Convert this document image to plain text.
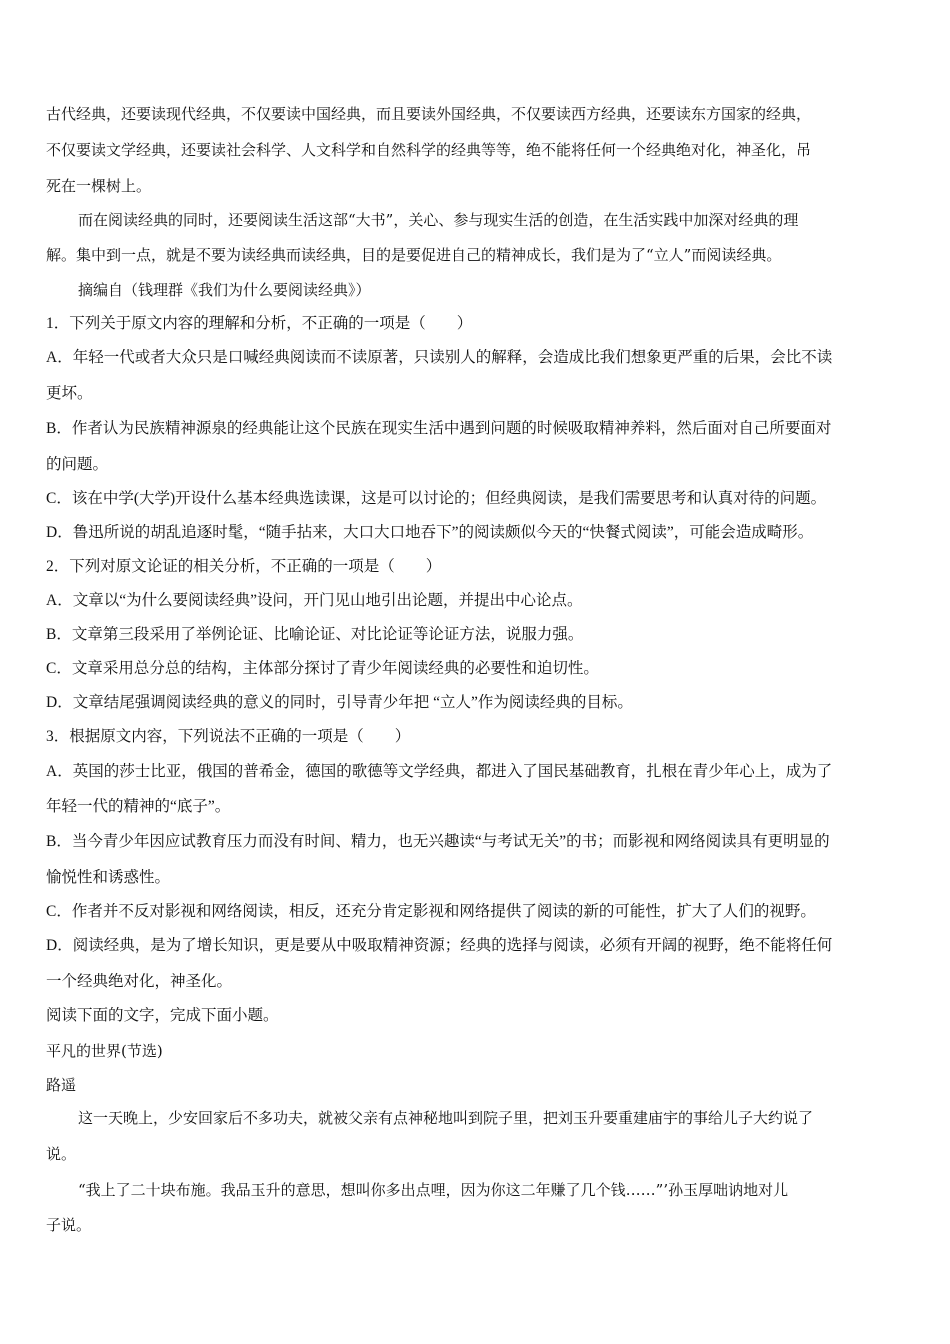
古代经典，还要读现代经典，不仅要读中国经典，而且要读外国经典，不仅要读西方经典，还要读东方国家的经典，
不仅要读文学经典，还要读社会科学、人文科学和自然科学的经典等等，绝不能将任何一个经典绝对化，神圣化，吊
死在一棵树上。
而在阅读经典的同时，还要阅读生活这部“大书”，关心、参与现实生活的创造，在生活实践中加深对经典的理
解。集中到一点，就是不要为读经典而读经典，目的是要促进自己的精神成长，我们是为了“立人”而阅读经典。
摘编自（钱理群《我们为什么要阅读经典》）
1．下列关于原文内容的理解和分析，不正确的一项是（　　）
A．年轻一代或者大众只是口喊经典阅读而不读原著，只读别人的解释，会造成比我们想象更严重的后果，会比不读
更坏。
B．作者认为民族精神源泉的经典能让这个民族在现实生活中遇到问题的时候吸取精神养料，然后面对自己所要面对
的问题。
C．该在中学(大学)开设什么基本经典选读课，这是可以讨论的；但经典阅读，是我们需要思考和认真对待的问题。
D．鲁迅所说的胡乱追逐时髦，“随手拈来，大口大口地吞下”的阅读颇似今天的“快餐式阅读”，可能会造成畸形。
2．下列对原文论证的相关分析，不正确的一项是（　　）
A．文章以“为什么要阅读经典”设问，开门见山地引出论题，并提出中心论点。
B．文章第三段采用了举例论证、比喻论证、对比论证等论证方法，说服力强。
C．文章采用总分总的结构，主体部分探讨了青少年阅读经典的必要性和迫切性。
D．文章结尾强调阅读经典的意义的同时，引导青少年把 “立人”作为阅读经典的目标。
3．根据原文内容，下列说法不正确的一项是（　　）
A．英国的莎士比亚，俄国的普希金，德国的歌德等文学经典，都进入了国民基础教育，扎根在青少年心上，成为了
年轻一代的精神的“底子”。
B．当今青少年因应试教育压力而没有时间、精力，也无兴趣读“与考试无关”的书；而影视和网络阅读具有更明显的
愉悦性和诱惑性。
C．作者并不反对影视和网络阅读，相反，还充分肯定影视和网络提供了阅读的新的可能性，扩大了人们的视野。
D．阅读经典，是为了增长知识，更是要从中吸取精神资源；经典的选择与阅读，必须有开阔的视野，绝不能将任何
一个经典绝对化，神圣化。
阅读下面的文字，完成下面小题。
平凡的世界(节选)
路遥
这一天晚上，少安回家后不多功夫，就被父亲有点神秘地叫到院子里，把刘玉升要重建庙宇的事给儿子大约说了
说。
“我上了二十块布施。我品玉升的意思，想叫你多出点哩，因为你这二年赚了几个钱……”’孙玉厚咄讷地对儿
子说。
